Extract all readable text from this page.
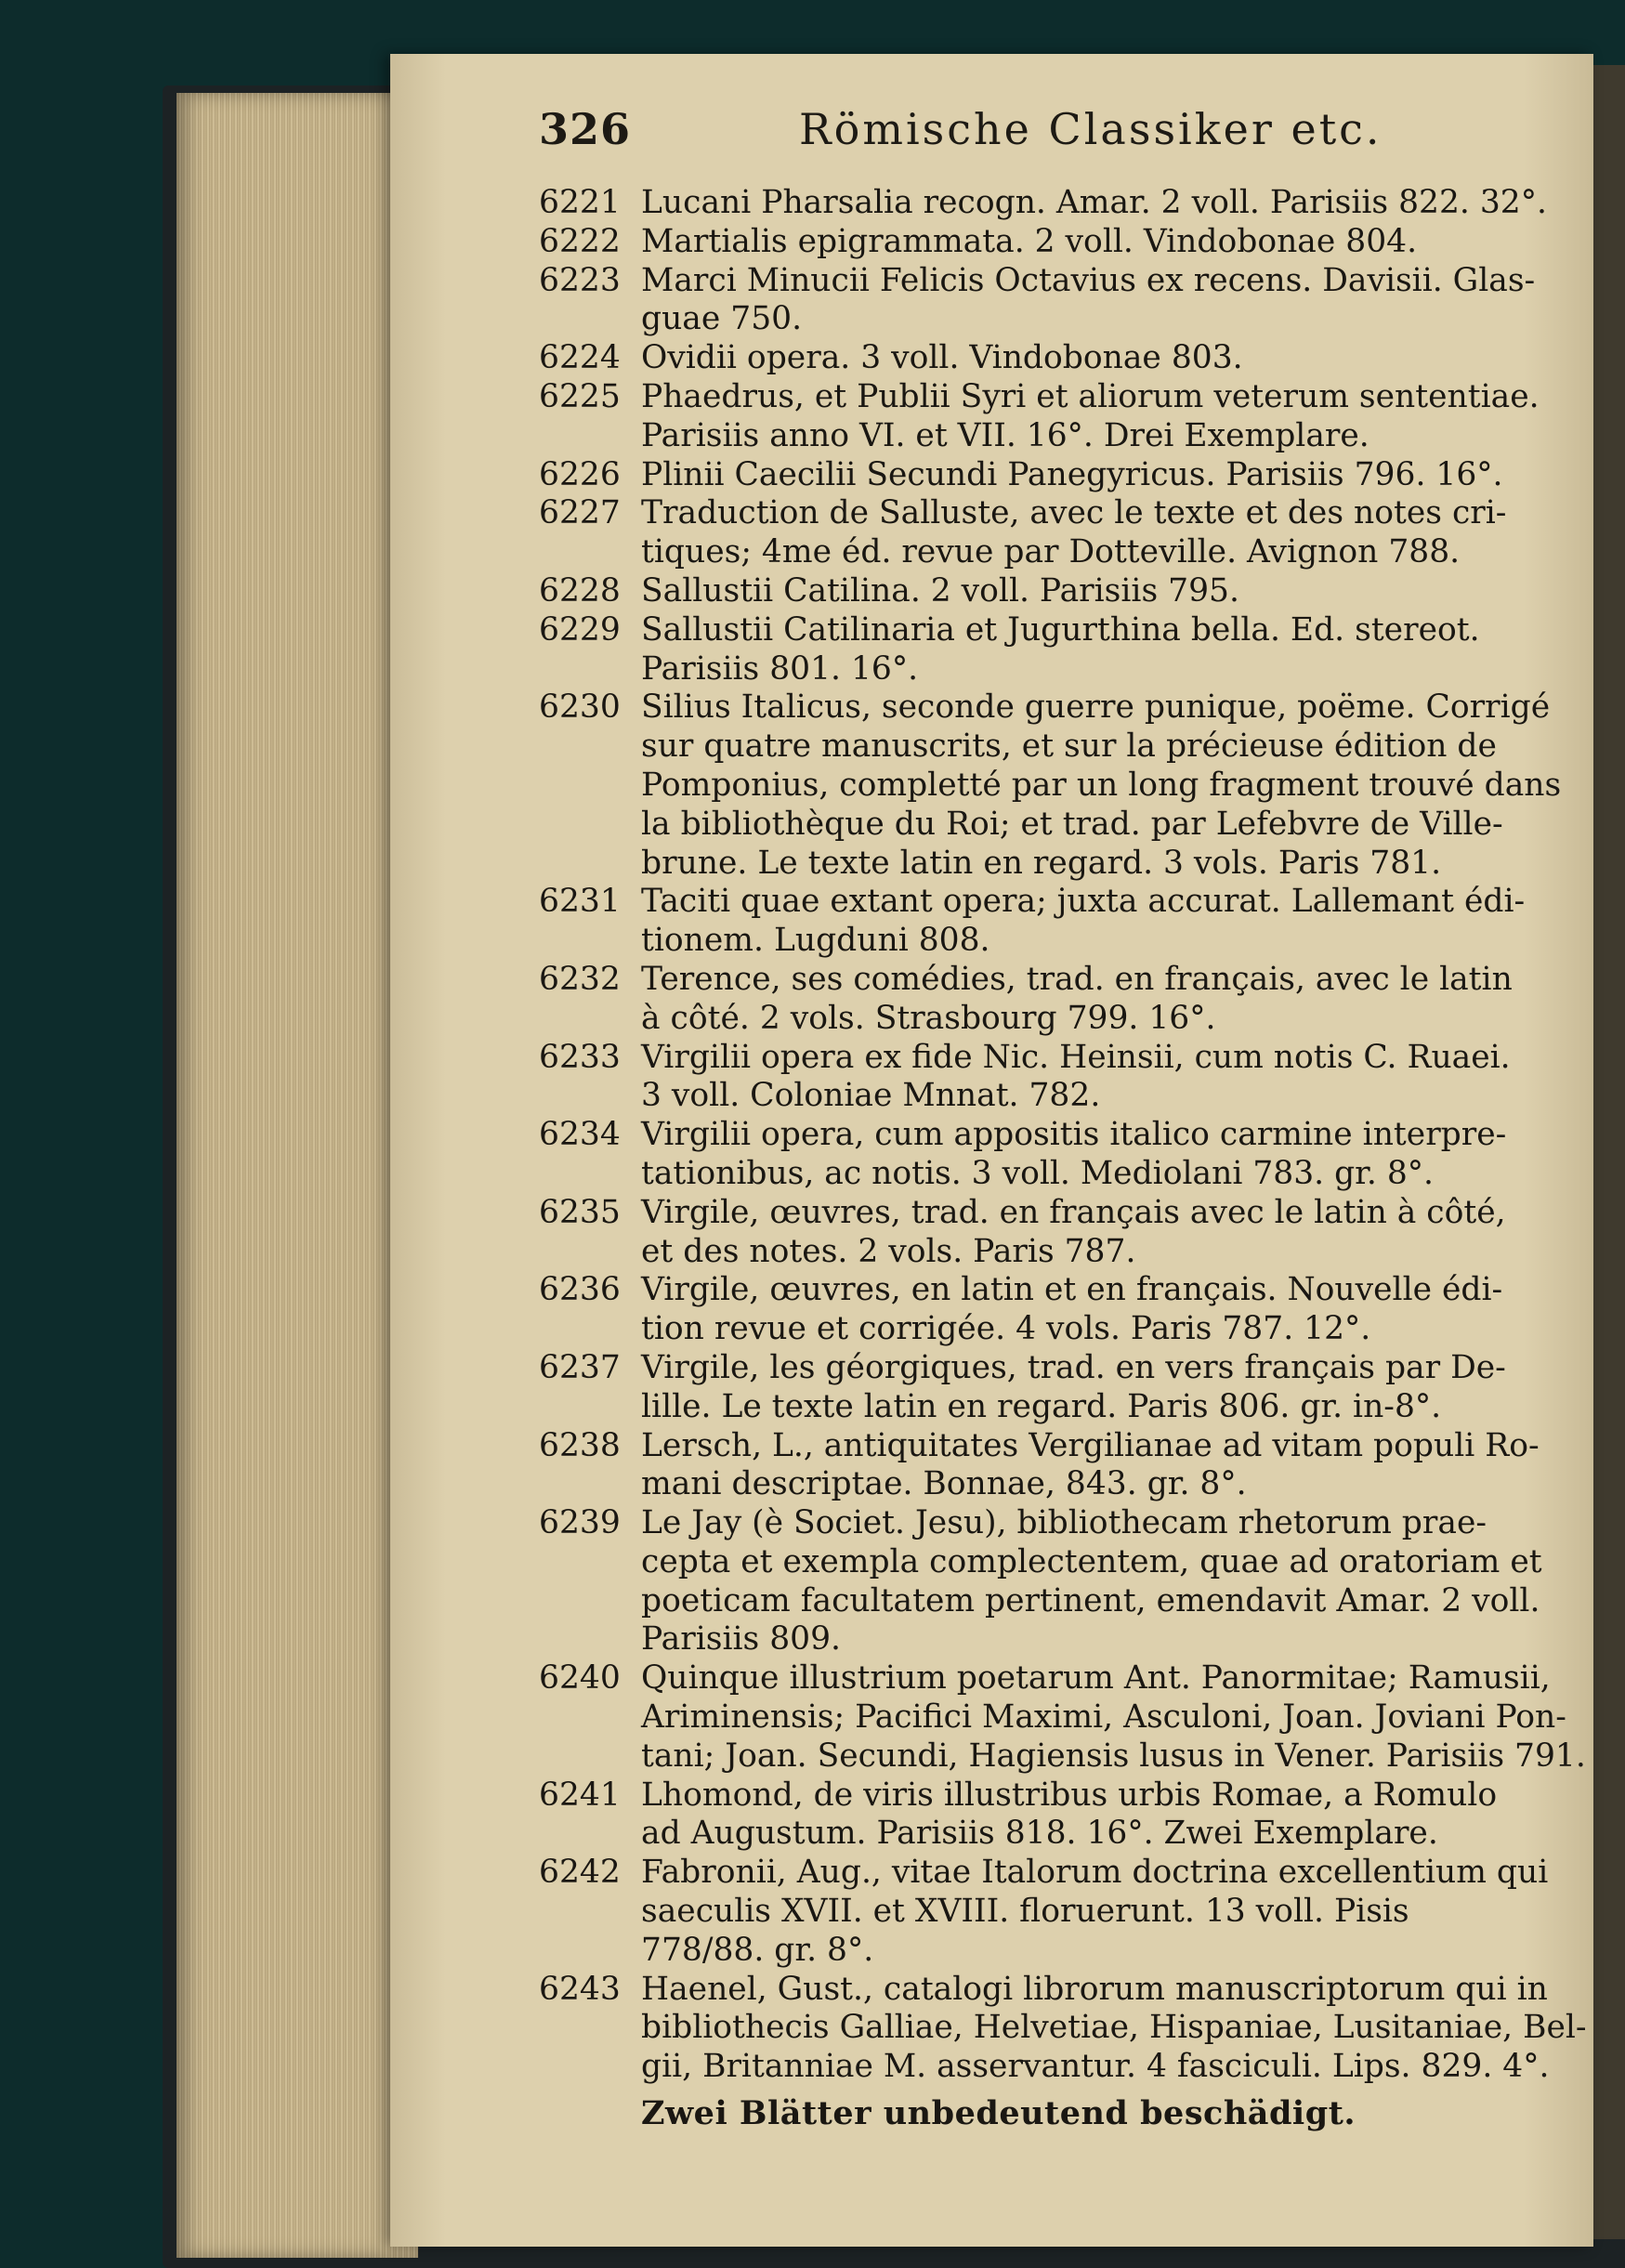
326	Römische Classiker etc.
6221 Lucani Pharsalia recogn. Amar. 2 voll. Parisiis 822. 32°.
6222 Martialis epigrammata. 2 voll. Vindobonae 804.
6223 Marci Minucii Felicis Octavius ex recens. Davisii. Glas-
guae 750.
6224 Ovidii opera. 3 voll. Vindobonae 803.
6225 Phaedrus, et Publii Syri et aliorum veterum sententiae.
Parisiis anno VI. et VII. 16°. Drei Exemplare.
6226 Plinii Caecilii Secundi Panegyricus. Parisiis 796. 16°.
6227 Traduction de Salluste, avec le texte et des notes cri-
tiques; 4me éd. revue par Dotteville. Avignon 788.
6228 Sallustii Catilina. 2 voll. Parisiis 795.
6229 Sallustii Catilinaria et Jugurthina bella. Ed. stereot.
Parisiis 801. 16°.
6230 Silius Italicus, seconde guerre punique, poëme. Corrigé
sur quatre manuscrits, et sur la précieuse édition de
Pomponius, completté par un long fragment trouvé dans
la bibliothèque du Roi; et trad. par Lefebvre de Ville-
brune. Le texte latin en regard. 3 vols. Paris 781.
6231 Taciti quae extant opera; juxta accurat. Lallemant édi-
tionem. Lugduni 808.
6232 Terence, ses comédies, trad. en français, avec le latin
à côté. 2 vols. Strasbourg 799. 16°.
6233 Virgilii opera ex fide Nic. Heinsii, cum notis C. Ruaei.
3 voll. Coloniae Mnnat. 782.
6234 Virgilii opera, cum appositis italico carmine interpre-
tationibus, ac notis. 3 voll. Mediolani 783. gr. 8°.
6235 Virgile, œuvres, trad. en français avec le latin à côté,
et des notes. 2 vols. Paris 787.
6236 Virgile, œuvres, en latin et en français. Nouvelle édi-
tion revue et corrigée. 4 vols. Paris 787. 12°.
6237 Virgile, les géorgiques, trad. en vers français par De-
lille. Le texte latin en regard. Paris 806. gr. in-8°.
6238 Lersch, L., antiquitates Vergilianae ad vitam populi Ro-
mani descriptae. Bonnae, 843. gr. 8°.
6239 Le Jay (è Societ. Jesu), bibliothecam rhetorum prae-
cepta et exempla complectentem, quae ad oratoriam et
poeticam facultatem pertinent, emendavit Amar. 2 voll.
Parisiis 809.
6240 Quinque illustrium poetarum Ant. Panormitae; Ramusii,
Ariminensis; Pacifici Maximi, Asculoni, Joan. Joviani Pon-
tani; Joan. Secundi, Hagiensis lusus in Vener. Parisiis 791.
6241 Lhomond, de viris illustribus urbis Romae, a Romulo
ad Augustum. Parisiis 818. 16°. Zwei Exemplare.
6242 Fabronii, Aug., vitae Italorum doctrina excellentium qui
saeculis XVII. et XVIII. floruerunt. 13 voll. Pisis
778/88. gr. 8°.
6243 Haenel, Gust., catalogi librorum manuscriptorum qui in
bibliothecis Galliae, Helvetiae, Hispaniae, Lusitaniae, Bel-
gii, Britanniae M. asservantur. 4 fasciculi. Lips. 829. 4°.
Zwei Blätter unbedeutend beschädigt.
